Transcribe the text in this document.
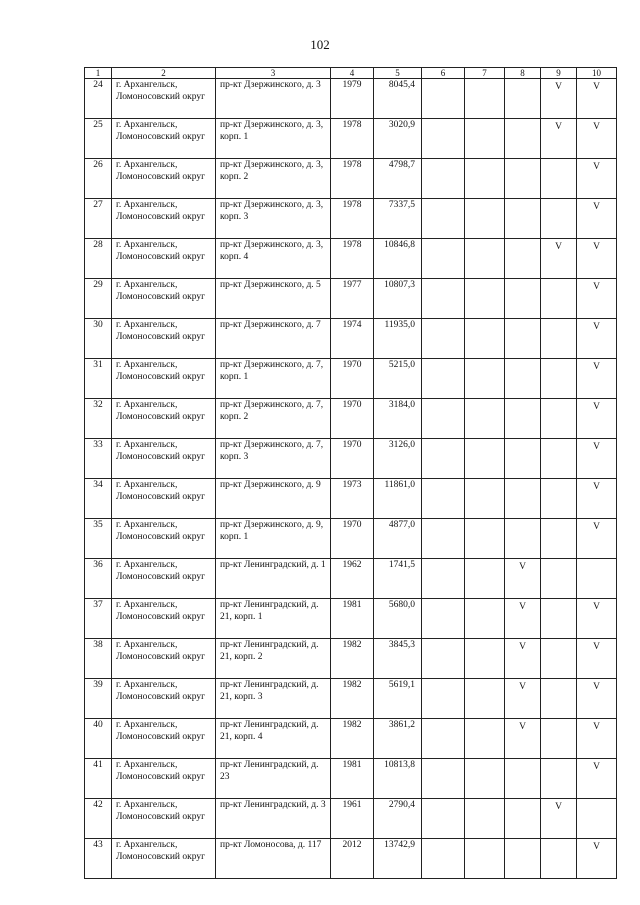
102
1	2	3	4	5	6	7	8	9	10
24	г. Архангельск, Ломоносовский округ	пр-кт Дзержинского, д. 3	1979	8045,4				V	V
25	г. Архангельск, Ломоносовский округ	пр-кт Дзержинского, д. 3, корп. 1	1978	3020,9				V	V
26	г. Архангельск, Ломоносовский округ	пр-кт Дзержинского, д. 3, корп. 2	1978	4798,7					V
27	г. Архангельск, Ломоносовский округ	пр-кт Дзержинского, д. 3, корп. 3	1978	7337,5					V
28	г. Архангельск, Ломоносовский округ	пр-кт Дзержинского, д. 3, корп. 4	1978	10846,8				V	V
29	г. Архангельск, Ломоносовский округ	пр-кт Дзержинского, д. 5	1977	10807,3					V
30	г. Архангельск, Ломоносовский округ	пр-кт Дзержинского, д. 7	1974	11935,0					V
31	г. Архангельск, Ломоносовский округ	пр-кт Дзержинского, д. 7, корп. 1	1970	5215,0					V
32	г. Архангельск, Ломоносовский округ	пр-кт Дзержинского, д. 7, корп. 2	1970	3184,0					V
33	г. Архангельск, Ломоносовский округ	пр-кт Дзержинского, д. 7, корп. 3	1970	3126,0					V
34	г. Архангельск, Ломоносовский округ	пр-кт Дзержинского, д. 9	1973	11861,0					V
35	г. Архангельск, Ломоносовский округ	пр-кт Дзержинского, д. 9, корп. 1	1970	4877,0					V
36	г. Архангельск, Ломоносовский округ	пр-кт Ленинградский, д. 1	1962	1741,5			V		
37	г. Архангельск, Ломоносовский округ	пр-кт Ленинградский, д. 21, корп. 1	1981	5680,0			V		V
38	г. Архангельск, Ломоносовский округ	пр-кт Ленинградский, д. 21, корп. 2	1982	3845,3			V		V
39	г. Архангельск, Ломоносовский округ	пр-кт Ленинградский, д. 21, корп. 3	1982	5619,1			V		V
40	г. Архангельск, Ломоносовский округ	пр-кт Ленинградский, д. 21, корп. 4	1982	3861,2			V		V
41	г. Архангельск, Ломоносовский округ	пр-кт Ленинградский, д. 23	1981	10813,8					V
42	г. Архангельск, Ломоносовский округ	пр-кт Ленинградский, д. 3	1961	2790,4				V	
43	г. Архангельск, Ломоносовский округ	пр-кт Ломоносова, д. 117	2012	13742,9					V
